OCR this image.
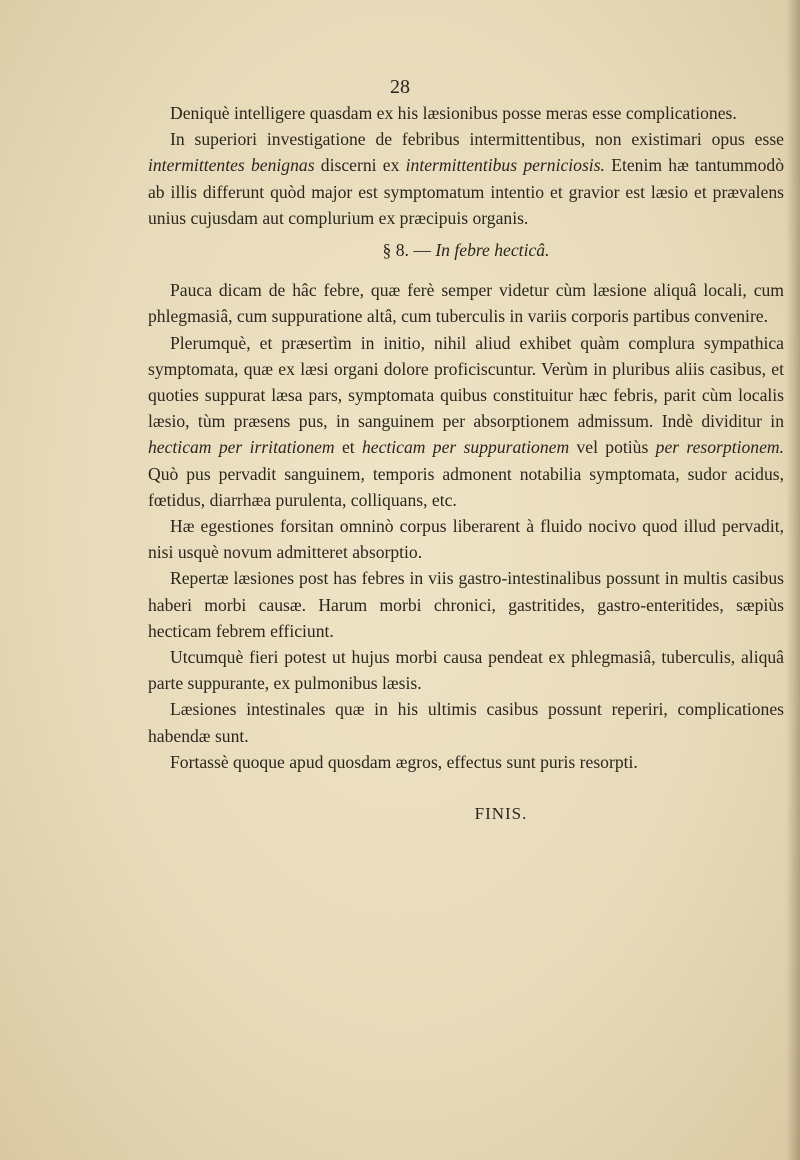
28

Deniquè intelligere quasdam ex his læsionibus posse meras esse complicationes.

In superiori investigatione de febribus intermittentibus, non existimari opus esse intermittentes benignas discerni ex intermittentibus perniciosis. Etenim hæ tantummodò ab illis differunt quòd major est symptomatum intentio et gravior est læsio et prævalens unius cujusdam aut complurium ex præcipuis organis.

§ 8. — In febre hecticâ.

Pauca dicam de hâc febre, quæ ferè semper videtur cùm læsione aliquâ locali, cum phlegmasiâ, cum suppuratione altâ, cum tuberculis in variis corporis partibus convenire.

Plerumquè, et præsertìm in initio, nihil aliud exhibet quàm complura sympathica symptomata, quæ ex læsi organi dolore proficiscuntur. Verùm in pluribus aliis casibus, et quoties suppurat læsa pars, symptomata quibus constituitur hæc febris, parit cùm localis læsio, tùm præsens pus, in sanguinem per absorptionem admissum. Indè dividitur in hecticam per irritationem et hecticam per suppurationem vel potiùs per resorptionem. Quò pus pervadit sanguinem, temporis admonent notabilia symptomata, sudor acidus, fœtidus, diarrhæa purulenta, colliquans, etc.

Hæ egestiones forsitan omninò corpus liberarent à fluido nocivo quod illud pervadit, nisi usquè novum admitteret absorptio.

Repertæ læsiones post has febres in viis gastro-intestinalibus possunt in multis casibus haberi morbi causæ. Harum morbi chronici, gastritides, gastro-enteritides, sæpiùs hecticam febrem efficiunt.

Utcumquè fieri potest ut hujus morbi causa pendeat ex phlegmasiâ, tuberculis, aliquâ parte suppurante, ex pulmonibus læsis.

Læsiones intestinales quæ in his ultimis casibus possunt reperiri, complicationes habendæ sunt.

Fortassè quoque apud quosdam ægros, effectus sunt puris resorpti.

FINIS.
